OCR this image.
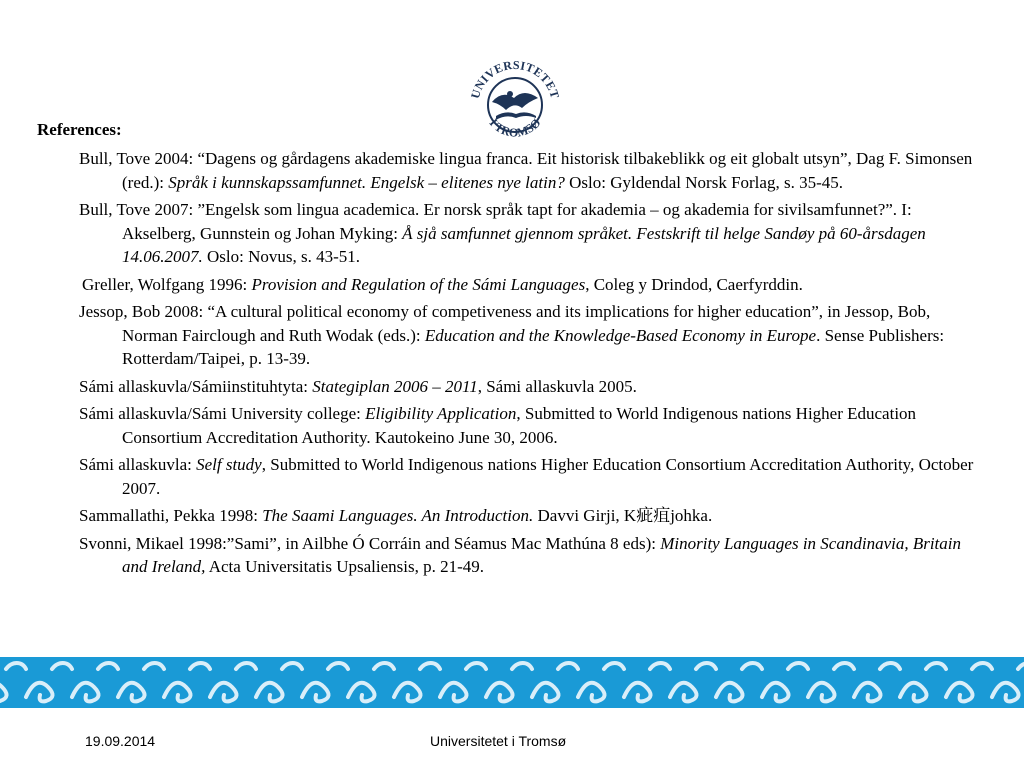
UNIVERSITETET
I TROMSØ
References:
Bull, Tove 2004: “Dagens og gårdagens akademiske lingua franca. Eit historisk tilbakeblikk og eit globalt utsyn”, Dag F. Simonsen (red.): Språk i kunnskapssamfunnet. Engelsk – elitenes nye latin? Oslo: Gyldendal Norsk Forlag, s. 35-45.
Bull, Tove 2007: ”Engelsk som lingua academica. Er norsk språk tapt for akademia – og akademia for sivilsamfunnet?”. I: Akselberg, Gunnstein og Johan Myking: Å sjå samfunnet gjennom språket. Festskrift til helge Sandøy på 60-årsdagen 14.06.2007. Oslo: Novus, s. 43-51.
Greller, Wolfgang 1996: Provision and Regulation of the Sámi Languages, Coleg y Drindod, Caerfyrddin.
Jessop, Bob 2008: “A cultural political economy of competiveness and its implications for higher education”, in Jessop, Bob, Norman Fairclough and Ruth Wodak (eds.): Education and the Knowledge-Based Economy in Europe. Sense Publishers: Rotterdam/Taipei, p. 13-39.
Sámi allaskuvla/Sámiinstituhtyta: Stategiplan 2006 – 2011, Sámi allaskuvla 2005.
Sámi allaskuvla/Sámi University college: Eligibility Application, Submitted to World Indigenous nations Higher Education Consortium Accreditation Authority. Kautokeino June 30, 2006.
Sámi allaskuvla: Self study, Submitted to World Indigenous nations Higher Education Consortium Accreditation Authority, October 2007.
Sammallathi, Pekka 1998: The Saami Languages. An Introduction. Davvi Girji, K疵疽johka.
Svonni, Mikael 1998:”Sami”, in Ailbhe Ó Corráin and Séamus Mac Mathúna 8 eds): Minority Languages in Scandinavia, Britain and Ireland, Acta Universitatis Upsaliensis, p. 21-49.
19.09.2014	Universitetet i Tromsø
